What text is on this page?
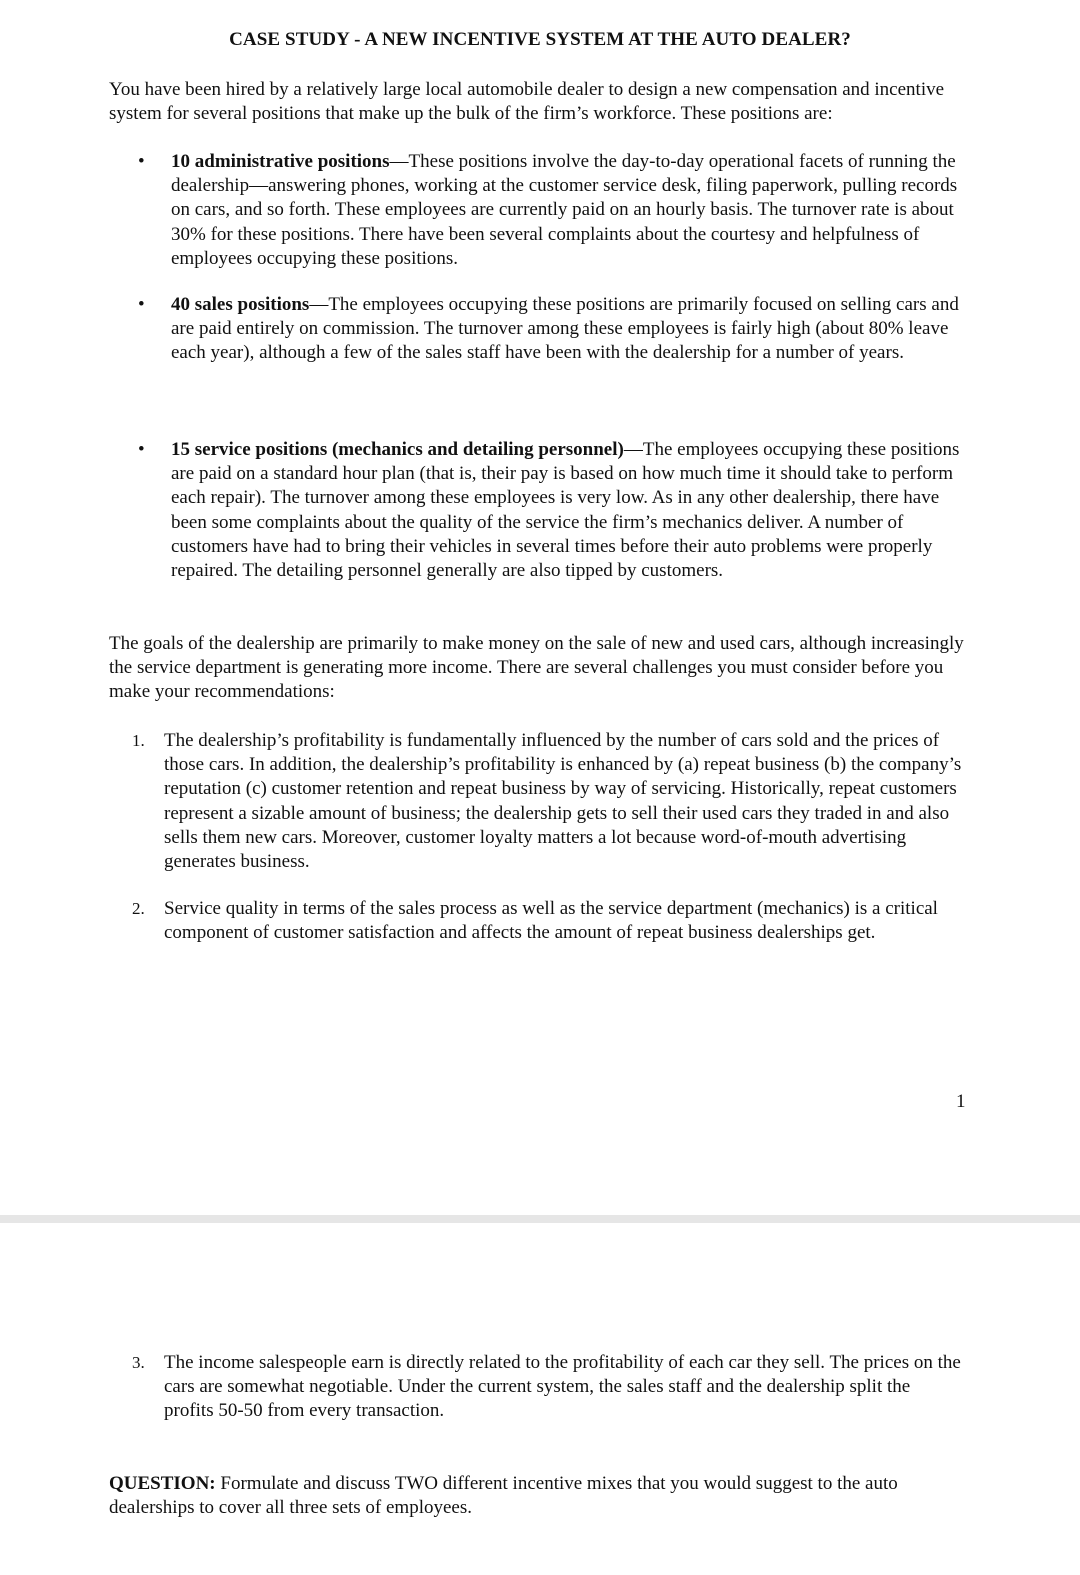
CASE STUDY - A NEW INCENTIVE SYSTEM AT THE AUTO DEALER?

You have been hired by a relatively large local automobile dealer to design a new compensation and incentive system for several positions that make up the bulk of the firm’s workforce. These positions are:

• 10 administrative positions—These positions involve the day-to-day operational facets of running the dealership—answering phones, working at the customer service desk, filing paperwork, pulling records on cars, and so forth. These employees are currently paid on an hourly basis. The turnover rate is about 30% for these positions. There have been several complaints about the courtesy and helpfulness of employees occupying these positions.
• 40 sales positions—The employees occupying these positions are primarily focused on selling cars and are paid entirely on commission. The turnover among these employees is fairly high (about 80% leave each year), although a few of the sales staff have been with the dealership for a number of years.
• 15 service positions (mechanics and detailing personnel)—The employees occupying these positions are paid on a standard hour plan (that is, their pay is based on how much time it should take to perform each repair). The turnover among these employees is very low. As in any other dealership, there have been some complaints about the quality of the service the firm’s mechanics deliver. A number of customers have had to bring their vehicles in several times before their auto problems were properly repaired. The detailing personnel generally are also tipped by customers.

The goals of the dealership are primarily to make money on the sale of new and used cars, although increasingly the service department is generating more income. There are several challenges you must consider before you make your recommendations:

1. The dealership’s profitability is fundamentally influenced by the number of cars sold and the prices of those cars. In addition, the dealership’s profitability is enhanced by (a) repeat business (b) the company’s reputation (c) customer retention and repeat business by way of servicing. Historically, repeat customers represent a sizable amount of business; the dealership gets to sell their used cars they traded in and also sells them new cars. Moreover, customer loyalty matters a lot because word-of-mouth advertising generates business.
2. Service quality in terms of the sales process as well as the service department (mechanics) is a critical component of customer satisfaction and affects the amount of repeat business dealerships get.
1
3. The income salespeople earn is directly related to the profitability of each car they sell. The prices on the cars are somewhat negotiable. Under the current system, the sales staff and the dealership split the profits 50-50 from every transaction.

QUESTION: Formulate and discuss TWO different incentive mixes that you would suggest to the auto dealerships to cover all three sets of employees.
